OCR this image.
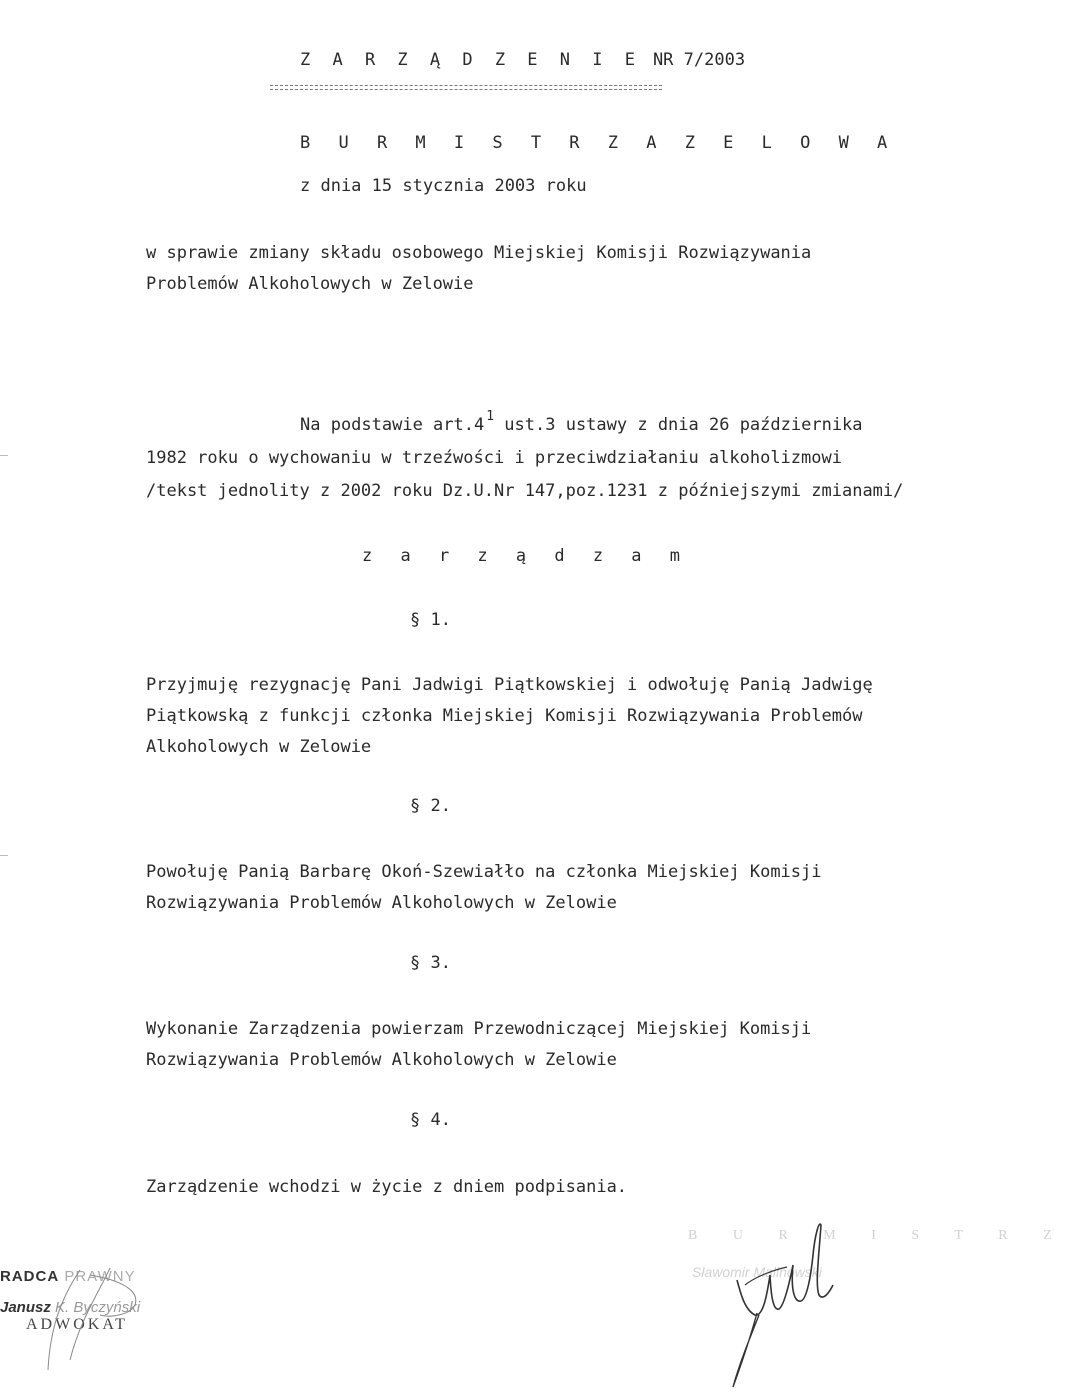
Z A R Z Ą D Z E N I E NR 7/2003
B U R M I S T R Z A Z E L O W A
z dnia 15 stycznia 2003 roku
w sprawie zmiany składu osobowego Miejskiej Komisji Rozwiązywania
Problemów Alkoholowych w Zelowie
Na podstawie art.4 $^1$ ust.3 ustawy z dnia 26 października
1982 roku o wychowaniu w trzeźwości i przeciwdziałaniu alkoholizmowi
/tekst jednolity z 2002 roku Dz.U.Nr 147,poz.1231 z późniejszymi zmianami/
z a r z ą d z a m
§ 1.
Przyjmuję rezygnację Pani Jadwigi Piątkowskiej i odwołuję Panią Jadwigę
Piątkowską z funkcji członka Miejskiej Komisji Rozwiązywania Problemów
Alkoholowych w Zelowie
§ 2.
Powołuję Panią Barbarę Okoń-Szewiałło na członka Miejskiej Komisji
Rozwiązywania Problemów Alkoholowych w Zelowie
§ 3.
Wykonanie Zarządzenia powierzam Przewodniczącej Miejskiej Komisji
Rozwiązywania Problemów Alkoholowych w Zelowie
§ 4.
Zarządzenie wchodzi w życie z dniem podpisania.
RADCA PRAWNY
Janusz K. Byczyński
ADWOKAT
B U R M I S T R Z
Sławomir Malinowski
